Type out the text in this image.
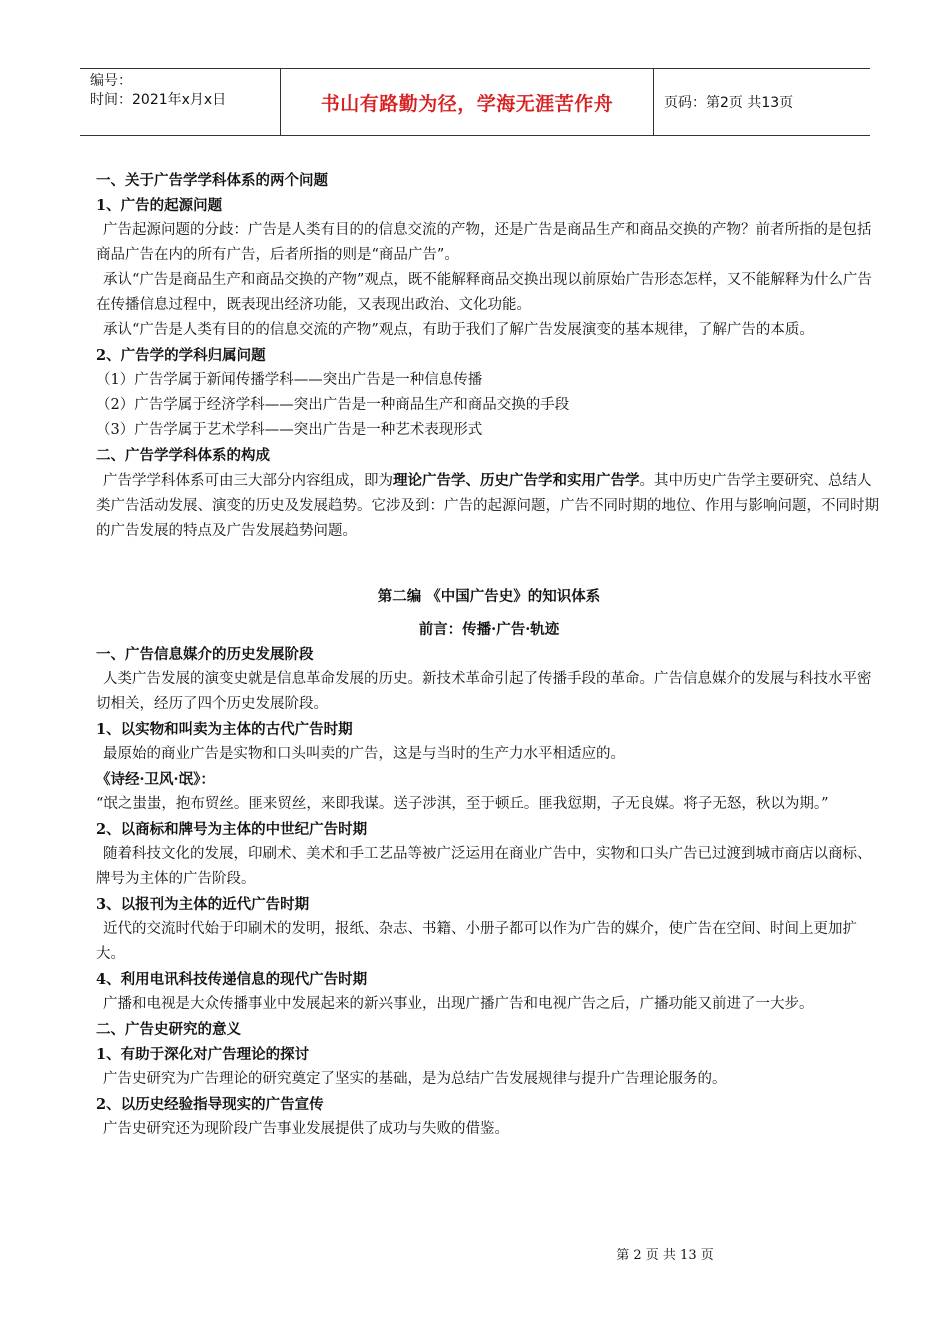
编号：
时间：2021年x月x日	书山有路勤为径，学海无涯苦作舟	页码：第2页 共13页

一、关于广告学学科体系的两个问题

1、广告的起源问题

广告起源问题的分歧：广告是人类有目的的信息交流的产物，还是广告是商品生产和商品交换的产物？前者所指的是包括商品广告在内的所有广告，后者所指的则是“商品广告”。

承认“广告是商品生产和商品交换的产物”观点，既不能解释商品交换出现以前原始广告形态怎样，又不能解释为什么广告在传播信息过程中，既表现出经济功能，又表现出政治、文化功能。

承认“广告是人类有目的的信息交流的产物”观点，有助于我们了解广告发展演变的基本规律，了解广告的本质。

2、广告学的学科归属问题

（1）广告学属于新闻传播学科——突出广告是一种信息传播

（2）广告学属于经济学科——突出广告是一种商品生产和商品交换的手段

（3）广告学属于艺术学科——突出广告是一种艺术表现形式

二、广告学学科体系的构成

广告学学科体系可由三大部分内容组成，即为理论广告学、历史广告学和实用广告学。其中历史广告学主要研究、总结人类广告活动发展、演变的历史及发展趋势。它涉及到：广告的起源问题，广告不同时期的地位、作用与影响问题，不同时期的广告发展的特点及广告发展趋势问题。

第二编 《中国广告史》的知识体系

前言：传播·广告·轨迹

一、广告信息媒介的历史发展阶段

人类广告发展的演变史就是信息革命发展的历史。新技术革命引起了传播手段的革命。广告信息媒介的发展与科技水平密切相关，经历了四个历史发展阶段。

1、以实物和叫卖为主体的古代广告时期

最原始的商业广告是实物和口头叫卖的广告，这是与当时的生产力水平相适应的。

《诗经·卫风·氓》：

“氓之蚩蚩，抱布贸丝。匪来贸丝，来即我谋。送子涉淇，至于顿丘。匪我愆期，子无良媒。将子无怒，秋以为期。”

2、以商标和牌号为主体的中世纪广告时期

随着科技文化的发展，印刷术、美术和手工艺品等被广泛运用在商业广告中，实物和口头广告已过渡到城市商店以商标、牌号为主体的广告阶段。

3、以报刊为主体的近代广告时期

近代的交流时代始于印刷术的发明，报纸、杂志、书籍、小册子都可以作为广告的媒介，使广告在空间、时间上更加扩大。

4、利用电讯科技传递信息的现代广告时期

广播和电视是大众传播事业中发展起来的新兴事业，出现广播广告和电视广告之后，广播功能又前进了一大步。

二、广告史研究的意义

1、有助于深化对广告理论的探讨

广告史研究为广告理论的研究奠定了坚实的基础，是为总结广告发展规律与提升广告理论服务的。

2、以历史经验指导现实的广告宣传

广告史研究还为现阶段广告事业发展提供了成功与失败的借鉴。

第 2 页 共 13 页
